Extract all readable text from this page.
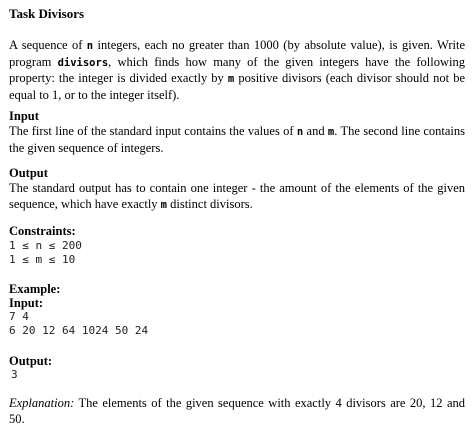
Task Divisors

A sequence of n integers, each no greater than 1000 (by absolute value), is given. Write program divisors, which finds how many of the given integers have the following property: the integer is divided exactly by m positive divisors (each divisor should not be equal to 1, or to the integer itself).

Input

The first line of the standard input contains the values of n and m. The second line contains the given sequence of integers.

Output

The standard output has to contain one integer - the amount of the elements of the given sequence, which have exactly m distinct divisors.

Constraints:
1 ≤ n ≤ 200
1 ≤ m ≤ 10
Example:
Input:
7 4
6 20 12 64 1024 50 24
Output:
3

Explanation: The elements of the given sequence with exactly 4 divisors are 20, 12 and 50.
